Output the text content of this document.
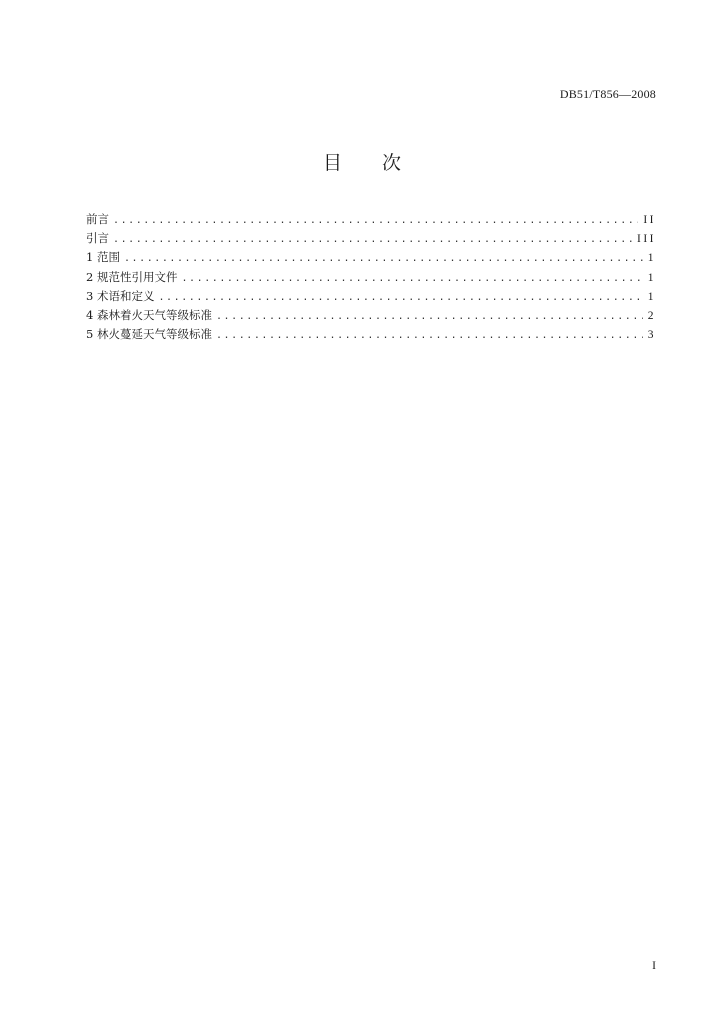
DB51/T856—2008
目次
前言 .....	II
引言 .....	III
1 范围 .....	1
2 规范性引用文件 .....	1
3 术语和定义 .....	1
4 森林着火天气等级标准 .....	2
5 林火蔓延天气等级标准 .....	3
I
